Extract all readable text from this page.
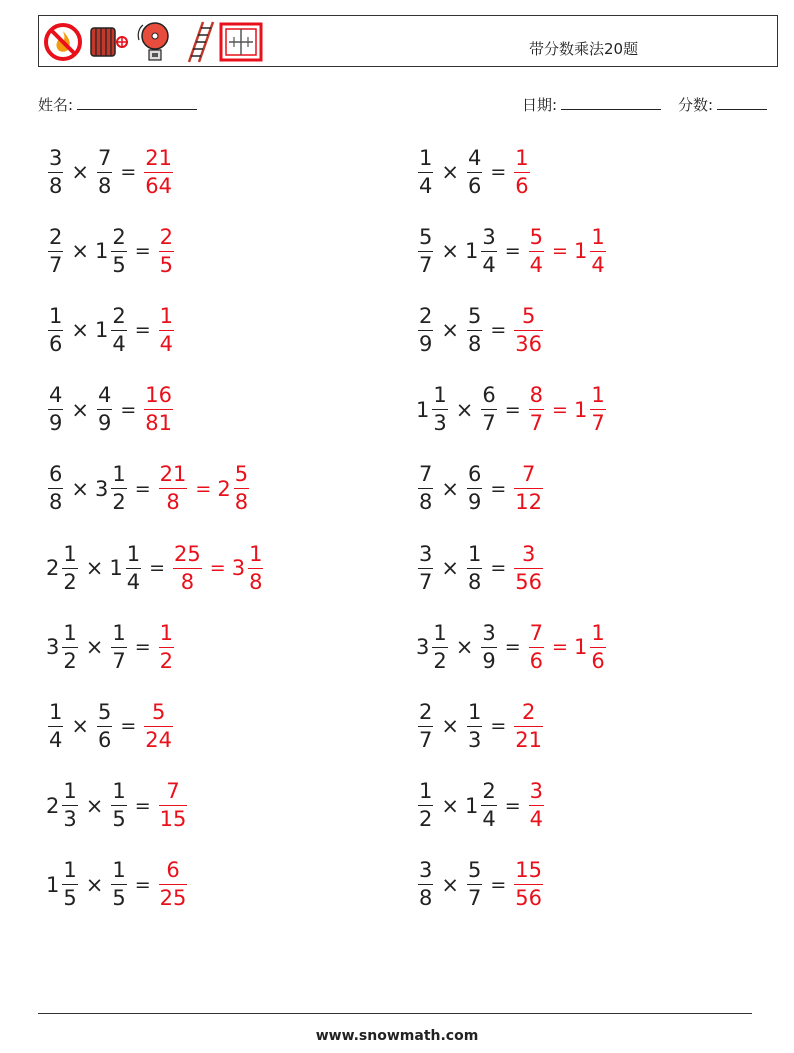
带分数乘法20题
姓名:	日期:	分数:
$\frac{3}{8} \times \frac{7}{8} = \frac{21}{64}$	$\frac{1}{4} \times \frac{4}{6} = \frac{1}{6}$
$\frac{2}{7} \times 1 \frac{2}{5} = \frac{2}{5}$	$\frac{5}{7} \times 1 \frac{3}{4} = \frac{5}{4} = 1 \frac{1}{4}$
$\frac{1}{6} \times 1 \frac{2}{4} = \frac{1}{4}$	$\frac{2}{9} \times \frac{5}{8} = \frac{5}{36}$
$\frac{4}{9} \times \frac{4}{9} = \frac{16}{81}$	$1 \frac{1}{3} \times \frac{6}{7} = \frac{8}{7} = 1 \frac{1}{7}$
$\frac{6}{8} \times 3 \frac{1}{2} = \frac{21}{8} = 2 \frac{5}{8}$	$\frac{7}{8} \times \frac{6}{9} = \frac{7}{12}$
$2 \frac{1}{2} \times 1 \frac{1}{4} = \frac{25}{8} = 3 \frac{1}{8}$	$\frac{3}{7} \times \frac{1}{8} = \frac{3}{56}$
$3 \frac{1}{2} \times \frac{1}{7} = \frac{1}{2}$	$3 \frac{1}{2} \times \frac{3}{9} = \frac{7}{6} = 1 \frac{1}{6}$
$\frac{1}{4} \times \frac{5}{6} = \frac{5}{24}$	$\frac{2}{7} \times \frac{1}{3} = \frac{2}{21}$
$2 \frac{1}{3} \times \frac{1}{5} = \frac{7}{15}$	$\frac{1}{2} \times 1 \frac{2}{4} = \frac{3}{4}$
$1 \frac{1}{5} \times \frac{1}{5} = \frac{6}{25}$	$\frac{3}{8} \times \frac{5}{7} = \frac{15}{56}$
www.snowmath.com
